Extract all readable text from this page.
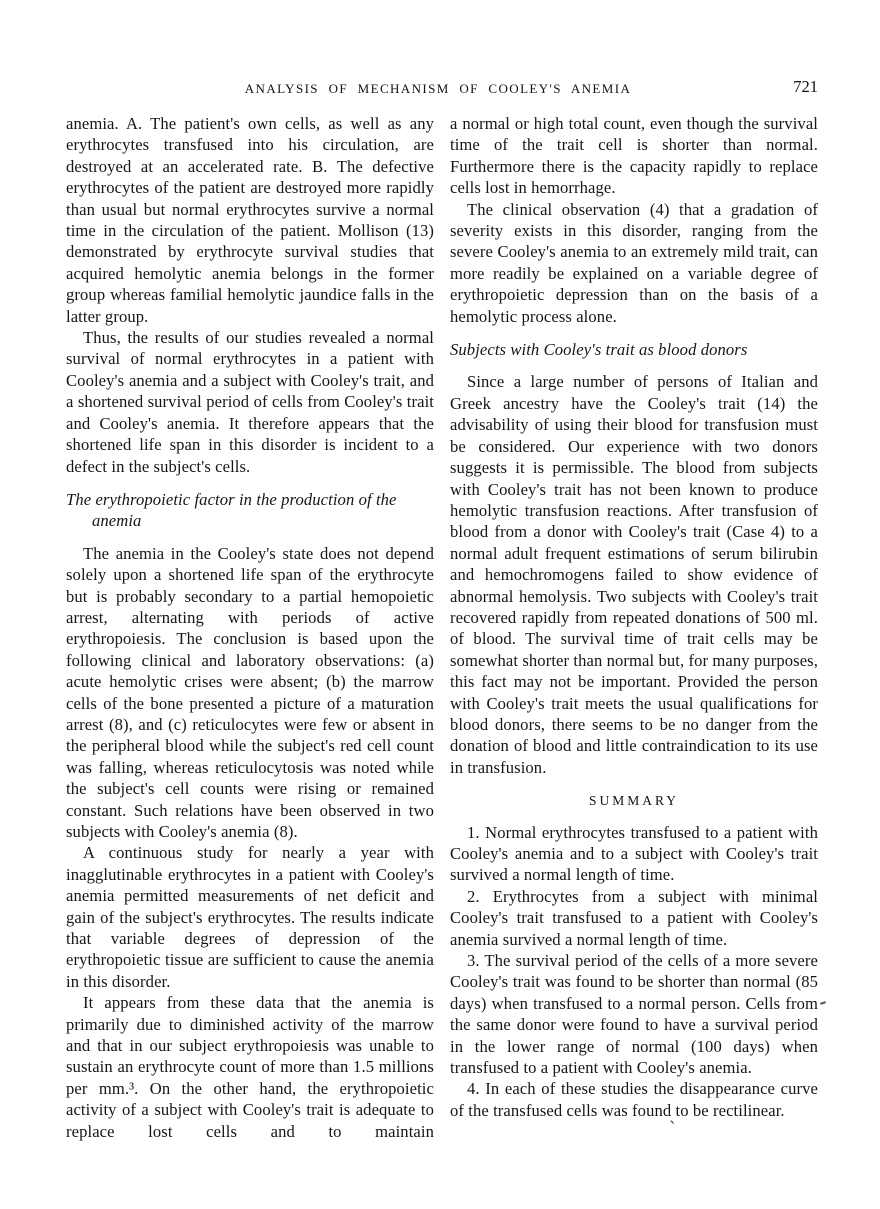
ANALYSIS OF MECHANISM OF COOLEY'S ANEMIA	721

anemia. A. The patient's own cells, as well as any erythrocytes transfused into his circulation, are destroyed at an accelerated rate. B. The defective erythrocytes of the patient are destroyed more rapidly than usual but normal erythrocytes survive a normal time in the circulation of the patient. Mollison (13) demonstrated by erythrocyte survival studies that acquired hemolytic anemia belongs in the former group whereas familial hemolytic jaundice falls in the latter group.

Thus, the results of our studies revealed a normal survival of normal erythrocytes in a patient with Cooley's anemia and a subject with Cooley's trait, and a shortened survival period of cells from Cooley's trait and Cooley's anemia. It therefore appears that the shortened life span in this disorder is incident to a defect in the subject's cells.

The erythropoietic factor in the production of the anemia

The anemia in the Cooley's state does not depend solely upon a shortened life span of the erythrocyte but is probably secondary to a partial hemopoietic arrest, alternating with periods of active erythropoiesis. The conclusion is based upon the following clinical and laboratory observations: (a) acute hemolytic crises were absent; (b) the marrow cells of the bone presented a picture of a maturation arrest (8), and (c) reticulocytes were few or absent in the peripheral blood while the subject's red cell count was falling, whereas reticulocytosis was noted while the subject's cell counts were rising or remained constant. Such relations have been observed in two subjects with Cooley's anemia (8).

A continuous study for nearly a year with inagglutinable erythrocytes in a patient with Cooley's anemia permitted measurements of net deficit and gain of the subject's erythrocytes. The results indicate that variable degrees of depression of the erythropoietic tissue are sufficient to cause the anemia in this disorder.

It appears from these data that the anemia is primarily due to diminished activity of the marrow and that in our subject erythropoiesis was unable to sustain an erythrocyte count of more than 1.5 millions per mm.³. On the other hand, the erythropoietic activity of a subject with Cooley's trait is adequate to replace lost cells and to maintain

a normal or high total count, even though the survival time of the trait cell is shorter than normal. Furthermore there is the capacity rapidly to replace cells lost in hemorrhage.

The clinical observation (4) that a gradation of severity exists in this disorder, ranging from the severe Cooley's anemia to an extremely mild trait, can more readily be explained on a variable degree of erythropoietic depression than on the basis of a hemolytic process alone.

Subjects with Cooley's trait as blood donors

Since a large number of persons of Italian and Greek ancestry have the Cooley's trait (14) the advisability of using their blood for transfusion must be considered. Our experience with two donors suggests it is permissible. The blood from subjects with Cooley's trait has not been known to produce hemolytic transfusion reactions. After transfusion of blood from a donor with Cooley's trait (Case 4) to a normal adult frequent estimations of serum bilirubin and hemochromogens failed to show evidence of abnormal hemolysis. Two subjects with Cooley's trait recovered rapidly from repeated donations of 500 ml. of blood. The survival time of trait cells may be somewhat shorter than normal but, for many purposes, this fact may not be important. Provided the person with Cooley's trait meets the usual qualifications for blood donors, there seems to be no danger from the donation of blood and little contraindication to its use in transfusion.

SUMMARY

1. Normal erythrocytes transfused to a patient with Cooley's anemia and to a subject with Cooley's trait survived a normal length of time.

2. Erythrocytes from a subject with minimal Cooley's trait transfused to a patient with Cooley's anemia survived a normal length of time.

3. The survival period of the cells of a more severe Cooley's trait was found to be shorter than normal (85 days) when transfused to a normal person. Cells from the same donor were found to have a survival period in the lower range of normal (100 days) when transfused to a patient with Cooley's anemia.

4. In each of these studies the disappearance curve of the transfused cells was found to be rectilinear.

`
